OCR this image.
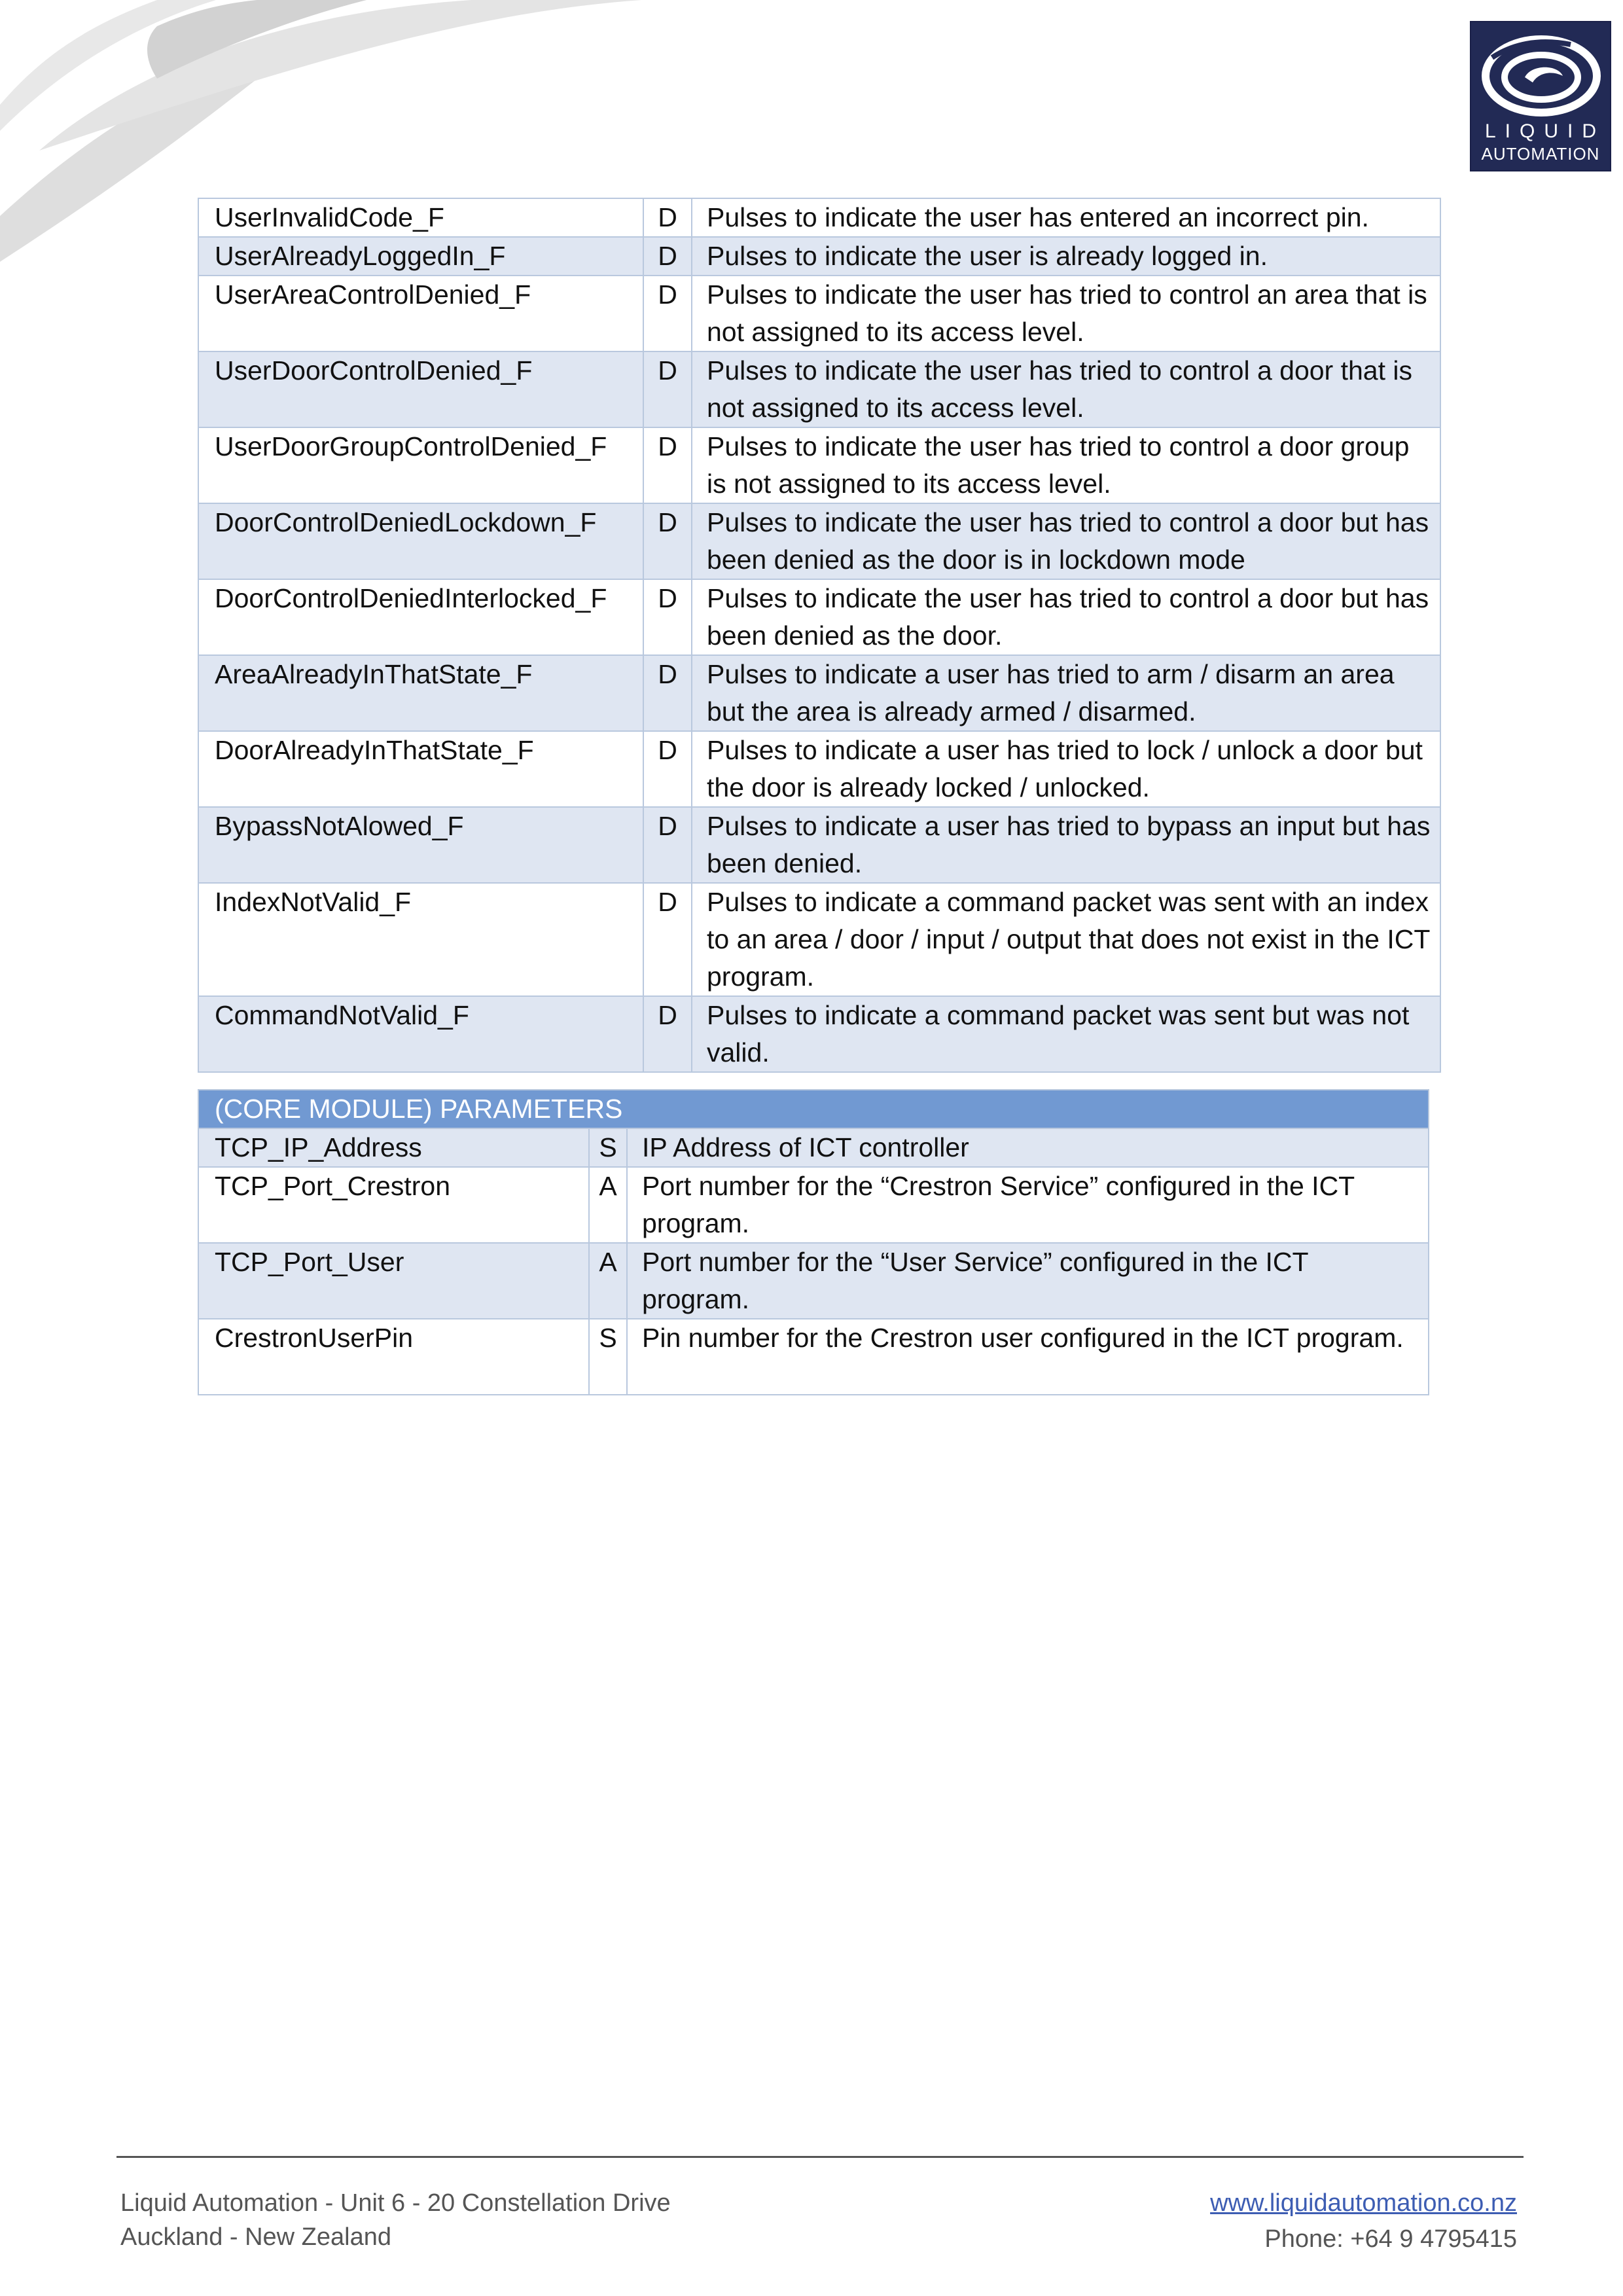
LIQUID
AUTOMATION
UserInvalidCode_F	D	Pulses to indicate the user has entered an incorrect pin.
UserAlreadyLoggedIn_F	D	Pulses to indicate the user is already logged in.
UserAreaControlDenied_F	D	Pulses to indicate the user has tried to control an area that is not assigned to its access level.
UserDoorControlDenied_F	D	Pulses to indicate the user has tried to control a door that is not assigned to its access level.
UserDoorGroupControlDenied_F	D	Pulses to indicate the user has tried to control a door group is not assigned to its access level.
DoorControlDeniedLockdown_F	D	Pulses to indicate the user has tried to control a door but has been denied as the door is in lockdown mode
DoorControlDeniedInterlocked_F	D	Pulses to indicate the user has tried to control a door but has been denied as the door.
AreaAlreadyInThatState_F	D	Pulses to indicate a user has tried to arm / disarm an area but the area is already armed / disarmed.
DoorAlreadyInThatState_F	D	Pulses to indicate a user has tried to lock / unlock a door but the door is already locked / unlocked.
BypassNotAlowed_F	D	Pulses to indicate a user has tried to bypass an input but has been denied.
IndexNotValid_F	D	Pulses to indicate a command packet was sent with an index to an area / door / input / output that does not exist in the ICT program.
CommandNotValid_F	D	Pulses to indicate a command packet was sent but was not valid.
(CORE MODULE) PARAMETERS		
TCP_IP_Address	S	IP Address of ICT controller
TCP_Port_Crestron	A	Port number for the “Crestron Service” configured in the ICT program.
TCP_Port_User	A	Port number for the “User Service” configured in the ICT program.
CrestronUserPin	S	Pin number for the Crestron user configured in the ICT program.
Liquid Automation - Unit 6 - 20 Constellation Drive
Auckland - New Zealand
www.liquidautomation.co.nz
Phone: +64 9 4795415
